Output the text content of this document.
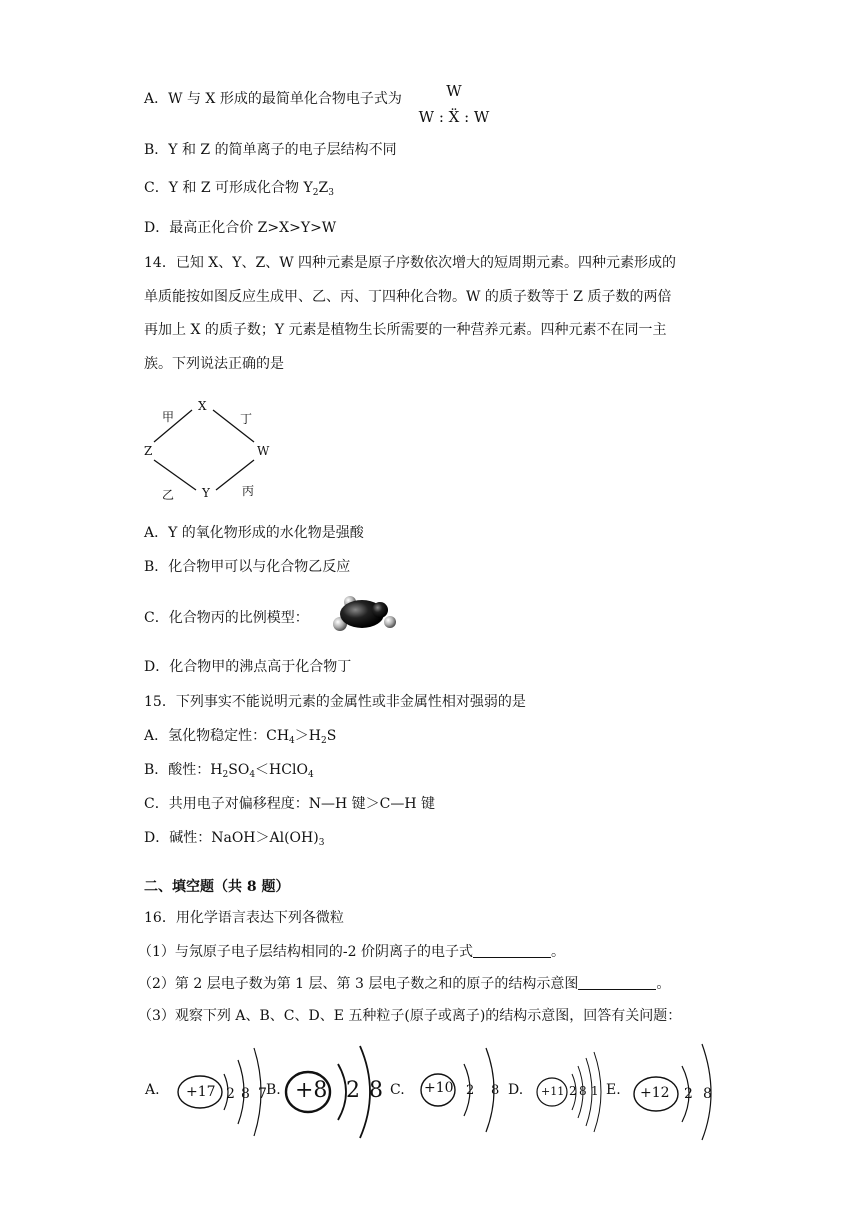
A．W 与 X 形成的最简单化合物电子式为	W
W : Ẍ : W
B．Y 和 Z 的简单离子的电子层结构不同
C．Y 和 Z 可形成化合物 $Y_2Z_3$
D．最高正化合价 Z>X>Y>W
14．已知 X、Y、Z、W 四种元素是原子序数依次增大的短周期元素。四种元素形成的
单质能按如图反应生成甲、乙、丙、丁四种化合物。W 的质子数等于 Z 质子数的两倍
再加上 X 的质子数；Y 元素是植物生长所需要的一种营养元素。四种元素不在同一主
族。下列说法正确的是
甲
X
丁
Z	W
乙 Y	丙
A．Y 的氧化物形成的水化物是强酸
B．化合物甲可以与化合物乙反应
C．化合物丙的比例模型：
D．化合物甲的沸点高于化合物丁
15．下列事实不能说明元素的金属性或非金属性相对强弱的是
A．氢化物稳定性：$CH_4>H_2S$
B．酸性：$H_2SO_4<HClO_4$
C．共用电子对偏移程度：N—H 键＞C—H 键
D．碱性：$NaOH>Al(OH)_3$
二、填空题（共 8 题）
16．用化学语言表达下列各微粒
（1）与氖原子电子层结构相同的-2 价阴离子的电子式	。
（2）第 2 层电子数为第 1 层、第 3 层电子数之和的原子的结构示意图	。
（3）观察下列 A、B、C、D、E 五种粒子(原子或离子)的结构示意图，回答有关问题：
A. +17 2 8 7 B. +8 2 8 C. +10 2 8 D. +11 2 8 1 E. +12 2 8
